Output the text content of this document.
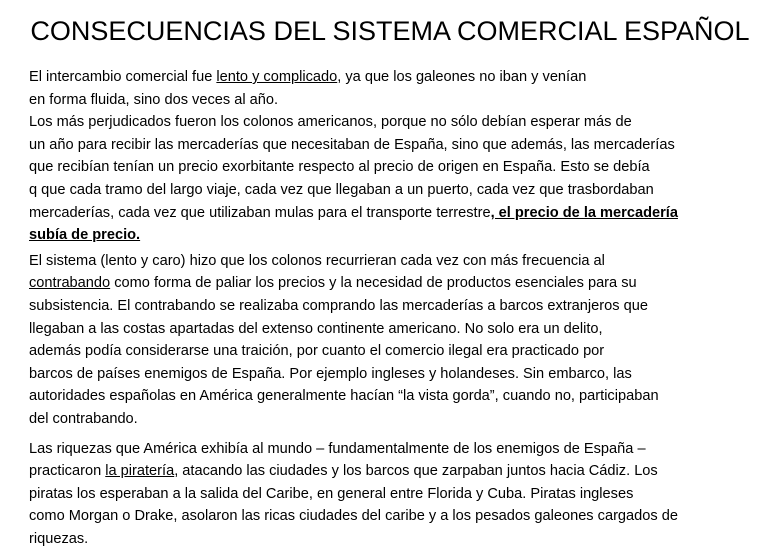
CONSECUENCIAS DEL SISTEMA COMERCIAL ESPAÑOL
El intercambio comercial fue lento y complicado, ya que los galeones no iban y venían
en forma fluida, sino dos veces al año.
Los más perjudicados fueron los colonos americanos, porque no sólo debían esperar más de
un año para recibir las mercaderías que necesitaban de España, sino que además, las mercaderías
que recibían tenían un precio exorbitante respecto al precio de origen en España. Esto se debía
q que cada tramo del largo viaje, cada vez que llegaban a un puerto, cada vez que trasbordaban
mercaderías, cada vez que utilizaban mulas para el transporte terrestre, el precio de la mercadería
subía de precio.
El sistema (lento y caro) hizo que los colonos recurrieran cada vez con más frecuencia al
contrabando como forma de paliar los precios y la necesidad de productos esenciales para su
subsistencia. El contrabando se realizaba comprando las mercaderías a barcos extranjeros que
llegaban a las costas apartadas del extenso continente americano. No solo era un delito,
además podía considerarse una traición, por cuanto el comercio ilegal era practicado por
barcos de países enemigos de España. Por ejemplo ingleses y holandeses. Sin embarco, las
autoridades españolas en América generalmente hacían “la vista gorda”, cuando no, participaban
del contrabando.
Las riquezas que América exhibía al mundo – fundamentalmente de los enemigos de España –
practicaron la piratería, atacando las ciudades y los barcos que zarpaban juntos hacia Cádiz. Los
piratas los esperaban a la salida del Caribe, en general entre Florida y Cuba. Piratas ingleses
como Morgan o Drake, asolaron las ricas ciudades del caribe y a los pesados galeones cargados de
riquezas.
